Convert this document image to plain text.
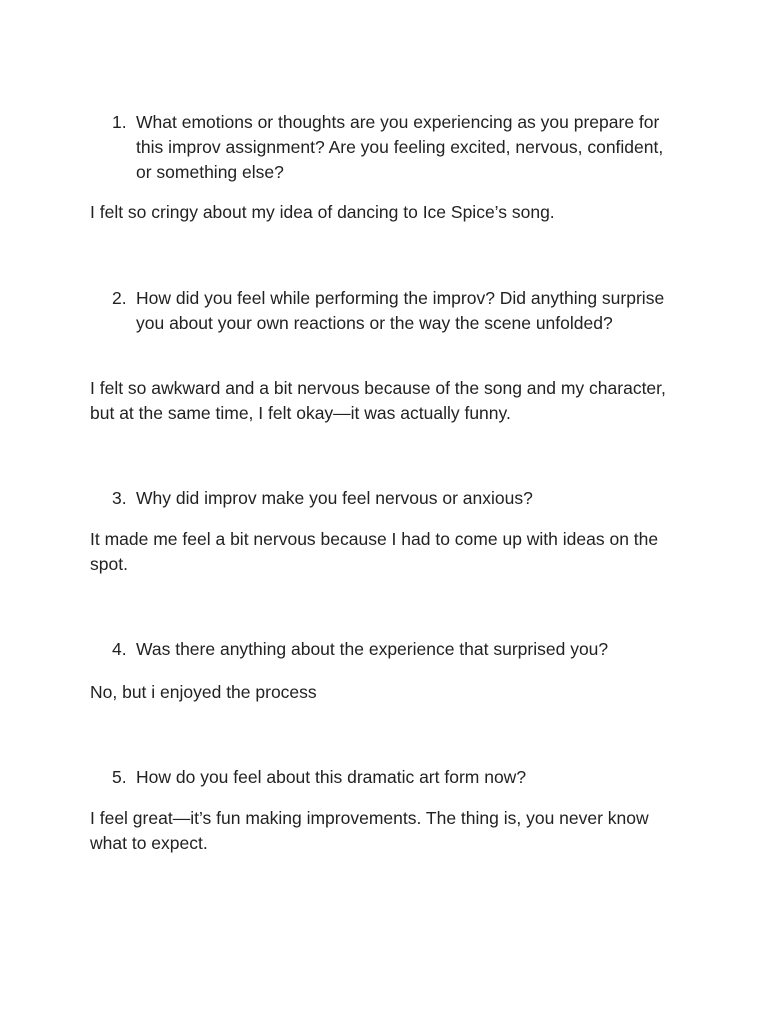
1. What emotions or thoughts are you experiencing as you prepare for this improv assignment? Are you feeling excited, nervous, confident, or something else?

I felt so cringy about my idea of dancing to Ice Spice’s song.

2. How did you feel while performing the improv? Did anything surprise you about your own reactions or the way the scene unfolded?

I felt so awkward and a bit nervous because of the song and my character, but at the same time, I felt okay—it was actually funny.

3. Why did improv make you feel nervous or anxious?

It made me feel a bit nervous because I had to come up with ideas on the spot.

4. Was there anything about the experience that surprised you?

No, but i enjoyed the process

5. How do you feel about this dramatic art form now?

I feel great—it’s fun making improvements. The thing is, you never know what to expect.
